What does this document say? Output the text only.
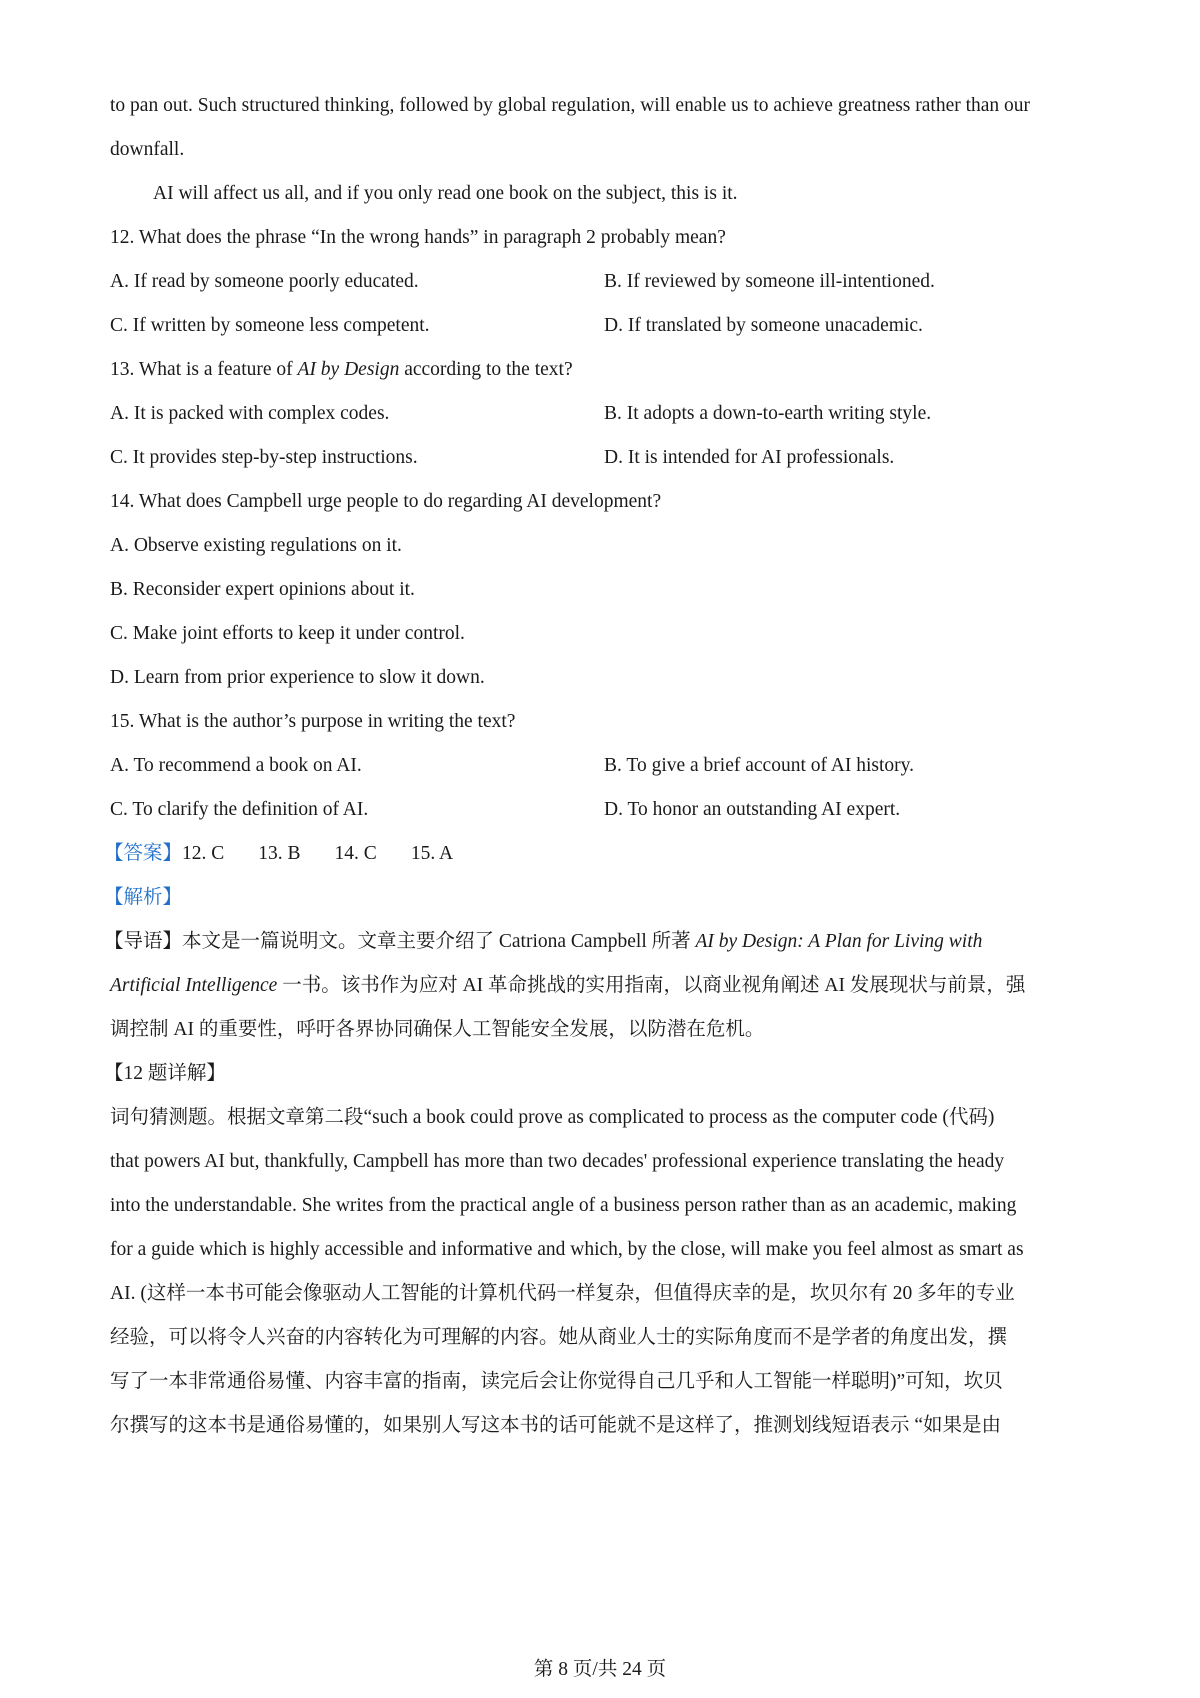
to pan out. Such structured thinking, followed by global regulation, will enable us to achieve greatness rather than our
downfall.
AI will affect us all, and if you only read one book on the subject, this is it.
12. What does the phrase “In the wrong hands” in paragraph 2 probably mean?
A. If read by someone poorly educated.	B. If reviewed by someone ill-intentioned.
C. If written by someone less competent.	D. If translated by someone unacademic.
13. What is a feature of AI by Design according to the text?
A. It is packed with complex codes.	B. It adopts a down-to-earth writing style.
C. It provides step-by-step instructions.	D. It is intended for AI professionals.
14. What does Campbell urge people to do regarding AI development?
A. Observe existing regulations on it.
B. Reconsider expert opinions about it.
C. Make joint efforts to keep it under control.
D. Learn from prior experience to slow it down.
15. What is the author’s purpose in writing the text?
A. To recommend a book on AI.	B. To give a brief account of AI history.
C. To clarify the definition of AI.	D. To honor an outstanding AI expert.
【答案】12. C 13. B 14. C 15. A
【解析】
【导语】本文是一篇说明文。文章主要介绍了 Catriona Campbell 所著 AI by Design: A Plan for Living with
Artificial Intelligence 一书。该书作为应对 AI 革命挑战的实用指南，以商业视角阐述 AI 发展现状与前景，强
调控制 AI 的重要性，呼吁各界协同确保人工智能安全发展，以防潜在危机。
【12 题详解】
词句猜测题。根据文章第二段“such a book could prove as complicated to process as the computer code (代码)
that powers AI but, thankfully, Campbell has more than two decades' professional experience translating the heady
into the understandable. She writes from the practical angle of a business person rather than as an academic, making
for a guide which is highly accessible and informative and which, by the close, will make you feel almost as smart as
AI. (这样一本书可能会像驱动人工智能的计算机代码一样复杂，但值得庆幸的是，坎贝尔有 20 多年的专业
经验，可以将令人兴奋的内容转化为可理解的内容。她从商业人士的实际角度而不是学者的角度出发，撰
写了一本非常通俗易懂、内容丰富的指南，读完后会让你觉得自己几乎和人工智能一样聪明)”可知，坎贝
尔撰写的这本书是通俗易懂的，如果别人写这本书的话可能就不是这样了，推测划线短语表示 “如果是由
第 8 页/共 24 页
